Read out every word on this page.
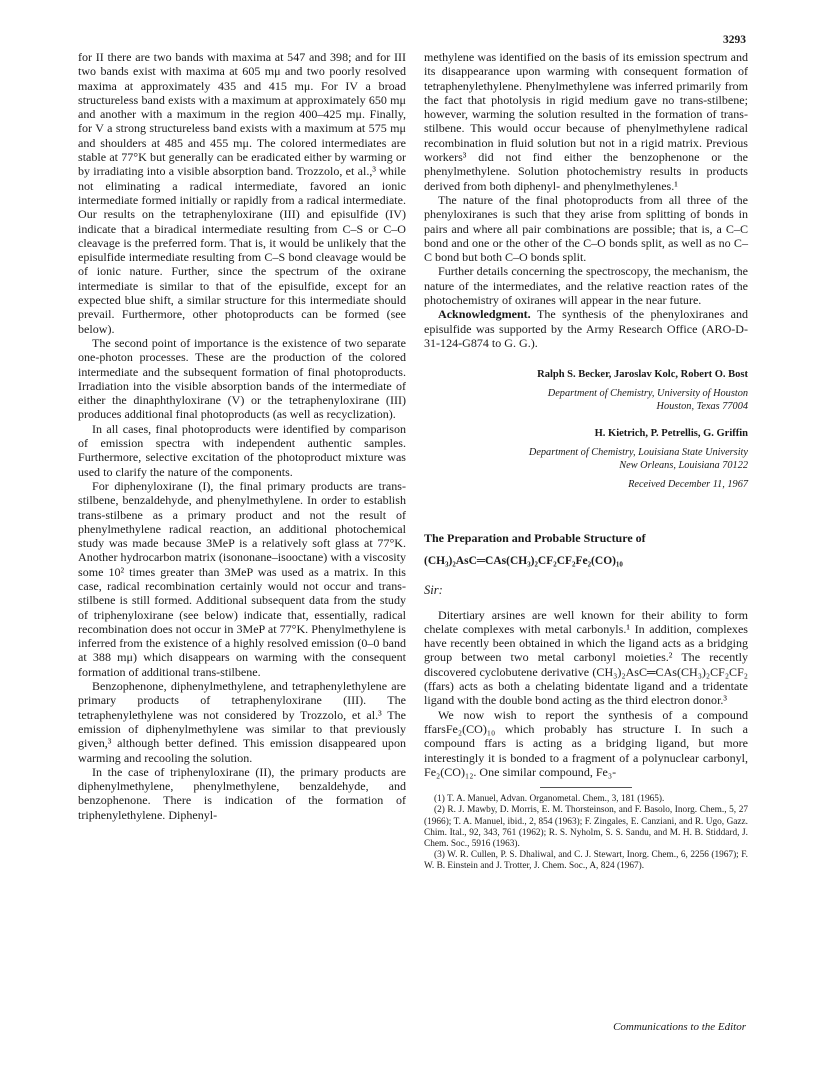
3293

for II there are two bands with maxima at 547 and 398; and for III two bands exist with maxima at 605 mμ and two poorly resolved maxima at approximately 435 and 415 mμ. For IV a broad structureless band exists with a maximum at approximately 650 mμ and another with a maximum in the region 400–425 mμ. Finally, for V a strong structureless band exists with a maximum at 575 mμ and shoulders at 485 and 455 mμ. The colored intermediates are stable at 77°K but generally can be eradicated either by warming or by irradiating into a visible absorption band. Trozzolo, et al.,³ while not eliminating a radical intermediate, favored an ionic intermediate formed initially or rapidly from a radical intermediate. Our results on the tetraphenyloxirane (III) and episulfide (IV) indicate that a biradical intermediate resulting from C–S or C–O cleavage is the preferred form. That is, it would be unlikely that the episulfide intermediate resulting from C–S bond cleavage would be of ionic nature. Further, since the spectrum of the oxirane intermediate is similar to that of the episulfide, except for an expected blue shift, a similar structure for this intermediate should prevail. Furthermore, other photoproducts can be formed (see below).

The second point of importance is the existence of two separate one-photon processes. These are the production of the colored intermediate and the subsequent formation of final photoproducts. Irradiation into the visible absorption bands of the intermediate of either the dinaphthyloxirane (V) or the tetraphenyloxirane (III) produces additional final photoproducts (as well as recyclization).

In all cases, final photoproducts were identified by comparison of emission spectra with independent authentic samples. Furthermore, selective excitation of the photoproduct mixture was used to clarify the nature of the components.

For diphenyloxirane (I), the final primary products are trans-stilbene, benzaldehyde, and phenylmethylene. In order to establish trans-stilbene as a primary product and not the result of phenylmethylene radical reaction, an additional photochemical study was made because 3MeP is a relatively soft glass at 77°K. Another hydrocarbon matrix (isononane–isooctane) with a viscosity some 10² times greater than 3MeP was used as a matrix. In this case, radical recombination certainly would not occur and trans-stilbene is still formed. Additional subsequent data from the study of triphenyloxirane (see below) indicate that, essentially, radical recombination does not occur in 3MeP at 77°K. Phenylmethylene is inferred from the existence of a highly resolved emission (0–0 band at 388 mμ) which disappears on warming with the consequent formation of additional trans-stilbene.

Benzophenone, diphenylmethylene, and tetraphenylethylene are primary products of tetraphenyloxirane (III). The tetraphenylethylene was not considered by Trozzolo, et al.³ The emission of diphenylmethylene was similar to that previously given,³ although better defined. This emission disappeared upon warming and recooling the solution.

In the case of triphenyloxirane (II), the primary products are diphenylmethylene, phenylmethylene, benzaldehyde, and benzophenone. There is indication of the formation of triphenylethylene. Diphenyl-

methylene was identified on the basis of its emission spectrum and its disappearance upon warming with consequent formation of tetraphenylethylene. Phenylmethylene was inferred primarily from the fact that photolysis in rigid medium gave no trans-stilbene; however, warming the solution resulted in the formation of trans-stilbene. This would occur because of phenylmethylene radical recombination in fluid solution but not in a rigid matrix. Previous workers³ did not find either the benzophenone or the phenylmethylene. Solution photochemistry results in products derived from both diphenyl- and phenylmethylenes.¹

The nature of the final photoproducts from all three of the phenyloxiranes is such that they arise from splitting of bonds in pairs and where all pair combinations are possible; that is, a C–C bond and one or the other of the C–O bonds split, as well as no C–C bond but both C–O bonds split.

Further details concerning the spectroscopy, the mechanism, the nature of the intermediates, and the relative reaction rates of the photochemistry of oxiranes will appear in the near future.

Acknowledgment. The synthesis of the phenyloxiranes and episulfide was supported by the Army Research Office (ARO-D-31-124-G874 to G. G.).

Ralph S. Becker, Jaroslav Kolc, Robert O. Bost
Department of Chemistry, University of Houston
Houston, Texas 77004
H. Kietrich, P. Petrellis, G. Griffin
Department of Chemistry, Louisiana State University
New Orleans, Louisiana 70122
Received December 11, 1967
The Preparation and Probable Structure of
(CH₃)₂AsC═CAs(CH₃)₂CF₂CF₂Fe₂(CO)₁₀
Sir:

Ditertiary arsines are well known for their ability to form chelate complexes with metal carbonyls.¹ In addition, complexes have recently been obtained in which the ligand acts as a bridging group between two metal carbonyl moieties.² The recently discovered cyclobutene derivative (CH₃)₂AsC═CAs(CH₃)₂CF₂CF₂ (ffars) acts as both a chelating bidentate ligand and a tridentate ligand with the double bond acting as the third electron donor.³

We now wish to report the synthesis of a compound ffarsFe₂(CO)₁₀ which probably has structure I. In such a compound ffars is acting as a bridging ligand, but more interestingly it is bonded to a fragment of a polynuclear carbonyl, Fe₂(CO)₁₂. One similar compound, Fe₃-

(1) T. A. Manuel, Advan. Organometal. Chem., 3, 181 (1965).

(2) R. J. Mawby, D. Morris, E. M. Thorsteinson, and F. Basolo, Inorg. Chem., 5, 27 (1966); T. A. Manuel, ibid., 2, 854 (1963); F. Zingales, E. Canziani, and R. Ugo, Gazz. Chim. Ital., 92, 343, 761 (1962); R. S. Nyholm, S. S. Sandu, and M. H. B. Stiddard, J. Chem. Soc., 5916 (1963).

(3) W. R. Cullen, P. S. Dhaliwal, and C. J. Stewart, Inorg. Chem., 6, 2256 (1967); F. W. B. Einstein and J. Trotter, J. Chem. Soc., A, 824 (1967).

Communications to the Editor
